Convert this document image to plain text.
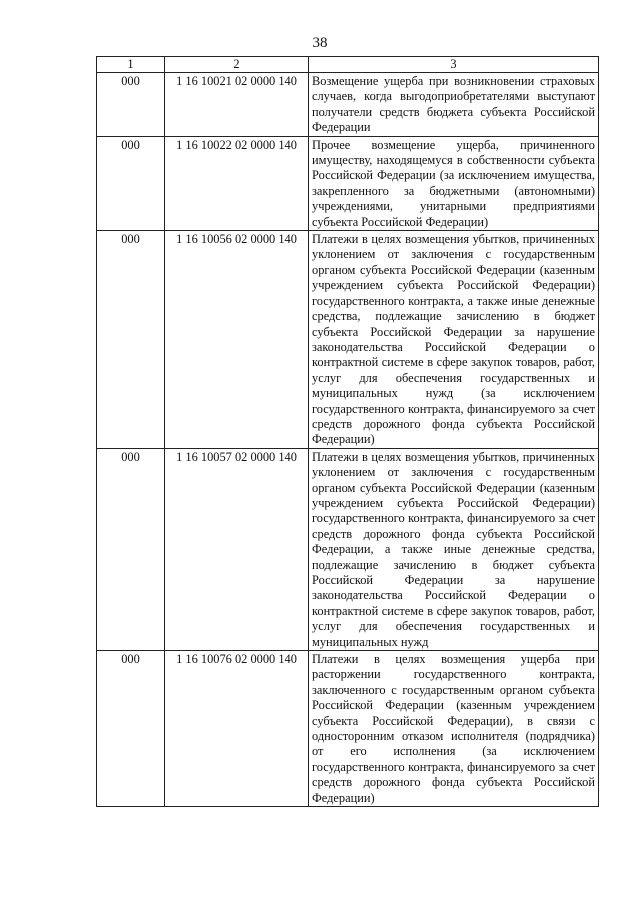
38
1	2	3
000	1 16 10021 02 0000 140	Возмещение ущерба при возникновении страховых случаев, когда выгодоприобретателями выступают получатели средств бюджета субъекта Российской Федерации
000	1 16 10022 02 0000 140	Прочее возмещение ущерба, причиненного имуществу, находящемуся в собственности субъекта Российской Федерации (за исключением имущества, закрепленного за бюджетными (автономными) учреждениями, унитарными предприятиями субъекта Российской Федерации)
000	1 16 10056 02 0000 140	Платежи в целях возмещения убытков, причиненных уклонением от заключения с государственным органом субъекта Российской Федерации (казенным учреждением субъекта Российской Федерации) государственного контракта, а также иные денежные средства, подлежащие зачислению в бюджет субъекта Российской Федерации за нарушение законодательства Российской Федерации о контрактной системе в сфере закупок товаров, работ, услуг для обеспечения государственных и муниципальных нужд (за исключением государственного контракта, финансируемого за счет средств дорожного фонда субъекта Российской Федерации)
000	1 16 10057 02 0000 140	Платежи в целях возмещения убытков, причиненных уклонением от заключения с государственным органом субъекта Российской Федерации (казенным учреждением субъекта Российской Федерации) государственного контракта, финансируемого за счет средств дорожного фонда субъекта Российской Федерации, а также иные денежные средства, подлежащие зачислению в бюджет субъекта Российской Федерации за нарушение законодательства Российской Федерации о контрактной системе в сфере закупок товаров, работ, услуг для обеспечения государственных и муниципальных нужд
000	1 16 10076 02 0000 140	Платежи в целях возмещения ущерба при расторжении государственного контракта, заключенного с государственным органом субъекта Российской Федерации (казенным учреждением субъекта Российской Федерации), в связи с односторонним отказом исполнителя (подрядчика) от его исполнения (за исключением государственного контракта, финансируемого за счет средств дорожного фонда субъекта Российской Федерации)
